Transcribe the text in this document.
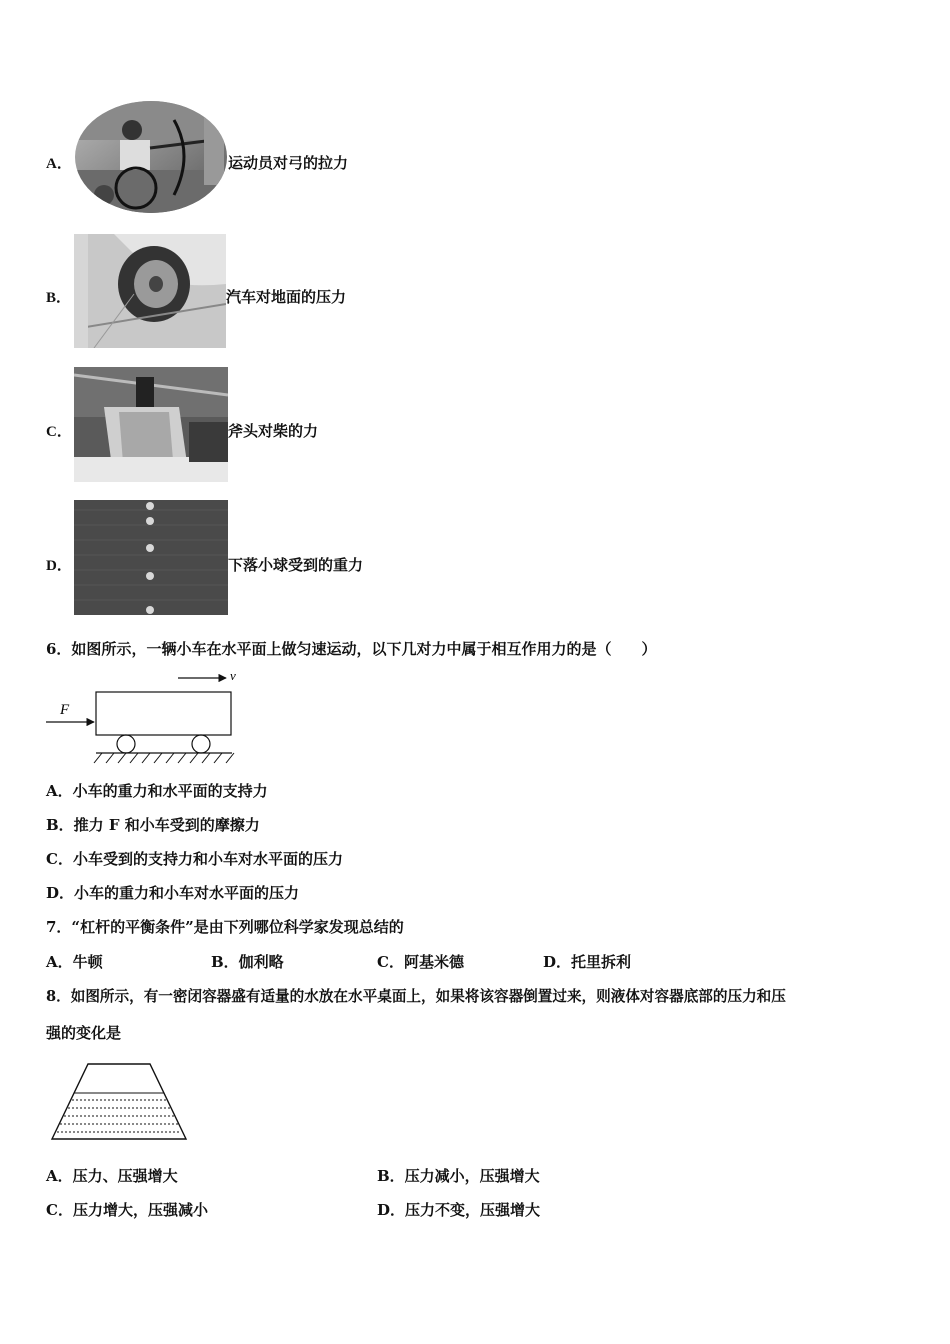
A．	运动员对弓的拉力
B．	汽车对地面的压力
C．	斧头对柴的力
D．	下落小球受到的重力
6．如图所示，一辆小车在水平面上做匀速运动，以下几对力中属于相互作用力的是（　　）
v
F
A．小车的重力和水平面的支持力
B．推力 F 和小车受到的摩擦力
C．小车受到的支持力和小车对水平面的压力
D．小车的重力和小车对水平面的压力
7．“杠杆的平衡条件”是由下列哪位科学家发现总结的
A．牛顿	B．伽利略	C．阿基米德	D．托里拆利
8．如图所示，有一密闭容器盛有适量的水放在水平桌面上，如果将该容器倒置过来，则液体对容器底部的压力和压
强的变化是
A．压力、压强增大	B．压力减小，压强增大
C．压力增大，压强减小	D．压力不变，压强增大
